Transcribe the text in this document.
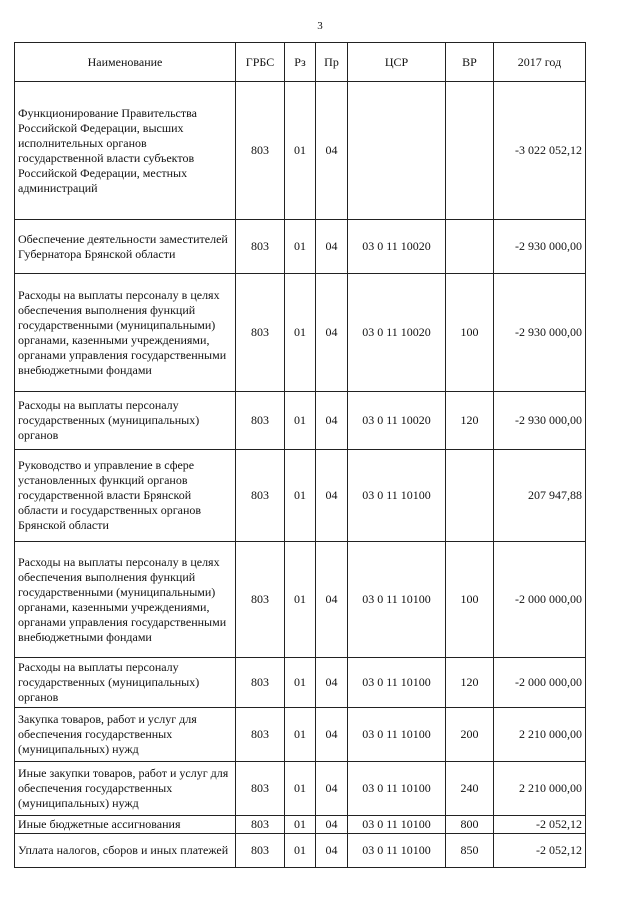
3
Наименование	ГРБС	Рз	Пр	ЦСР	ВР	2017 год
Функционирование Правительства Российской Федерации, высших исполнительных органов государственной власти субъектов Российской Федерации, местных администраций	803	01	04			-3 022 052,12
Обеспечение деятельности заместителей Губернатора Брянской области	803	01	04	03 0 11 10020		-2 930 000,00
Расходы на выплаты персоналу в целях обеспечения выполнения функций государственными (муниципальными) органами, казенными учреждениями, органами управления государственными внебюджетными фондами	803	01	04	03 0 11 10020	100	-2 930 000,00
Расходы на выплаты персоналу государственных (муниципальных) органов	803	01	04	03 0 11 10020	120	-2 930 000,00
Руководство и управление в сфере установленных функций органов государственной власти Брянской области и государственных органов Брянской области	803	01	04	03 0 11 10100		207 947,88
Расходы на выплаты персоналу в целях обеспечения выполнения функций государственными (муниципальными) органами, казенными учреждениями, органами управления государственными внебюджетными фондами	803	01	04	03 0 11 10100	100	-2 000 000,00
Расходы на выплаты персоналу государственных (муниципальных) органов	803	01	04	03 0 11 10100	120	-2 000 000,00
Закупка товаров, работ и услуг для обеспечения государственных (муниципальных) нужд	803	01	04	03 0 11 10100	200	2 210 000,00
Иные закупки товаров, работ и услуг для обеспечения государственных (муниципальных) нужд	803	01	04	03 0 11 10100	240	2 210 000,00
Иные бюджетные ассигнования	803	01	04	03 0 11 10100	800	-2 052,12
Уплата налогов, сборов и иных платежей	803	01	04	03 0 11 10100	850	-2 052,12
